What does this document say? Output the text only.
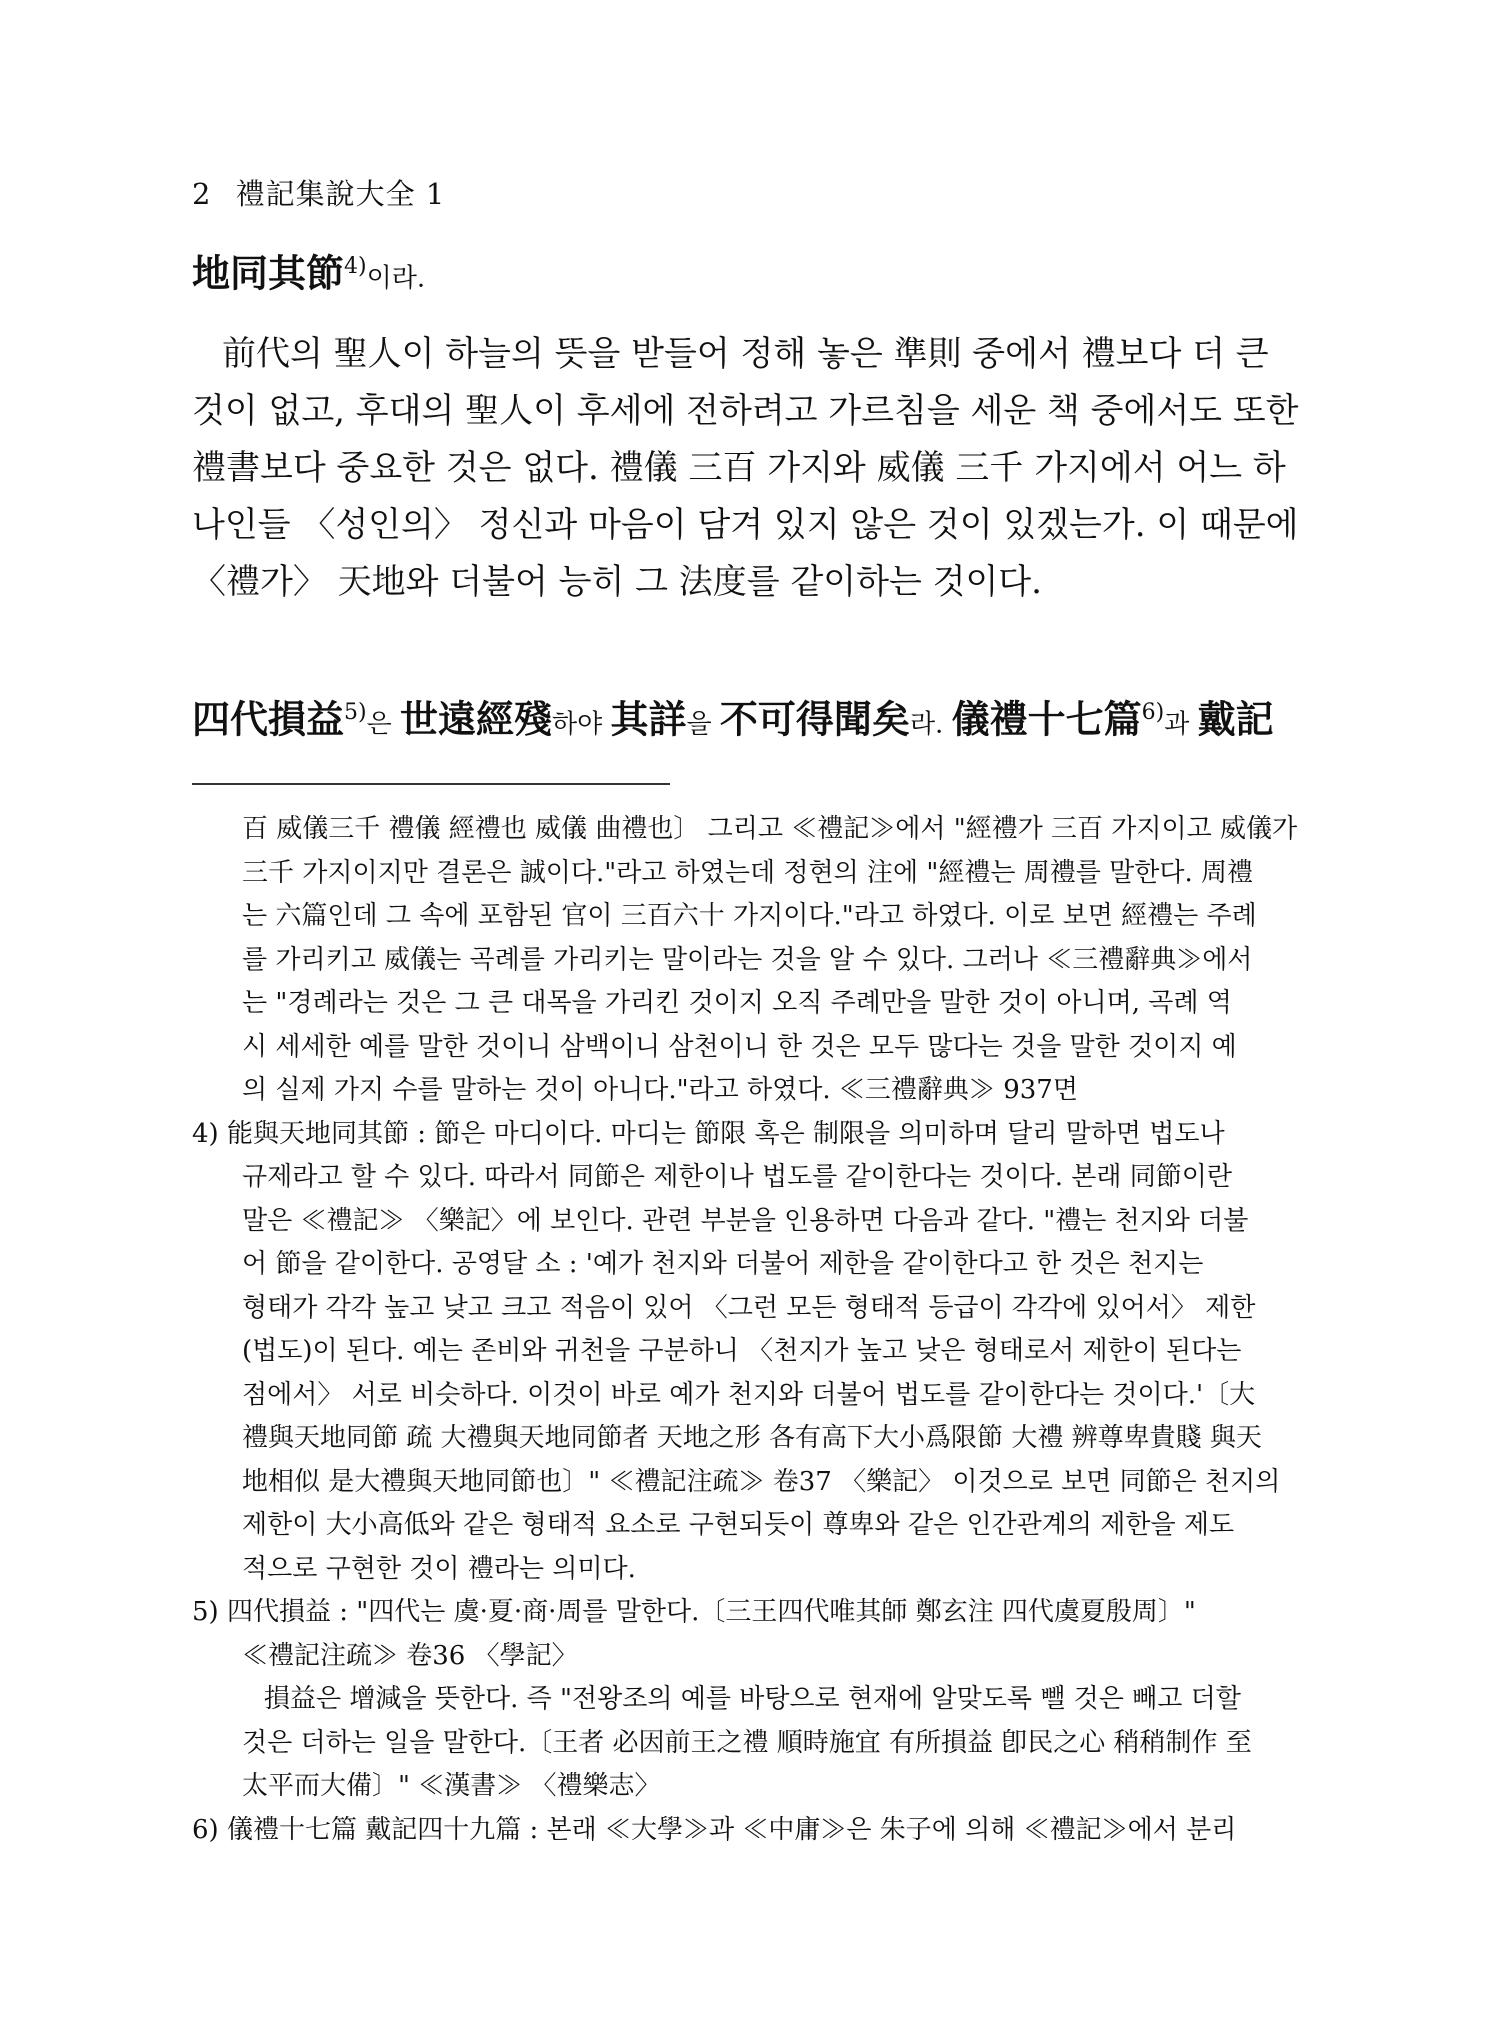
2 禮記集說大全 1
地同其節$^{4)}$이라.
前代의 聖人이 하늘의 뜻을 받들어 정해 놓은 準則 중에서 禮보다 더 큰
것이 없고, 후대의 聖人이 후세에 전하려고 가르침을 세운 책 중에서도 또한
禮書보다 중요한 것은 없다. 禮儀 三百 가지와 威儀 三千 가지에서 어느 하
나인들 〈성인의〉 정신과 마음이 담겨 있지 않은 것이 있겠는가. 이 때문에
〈禮가〉 天地와 더불어 능히 그 法度를 같이하는 것이다.
四代損益$^{5)}$은 世遠經殘하야 其詳을 不可得聞矣라. 儀禮十七篇$^{6)}$과 戴記
百 威儀三千 禮儀 經禮也 威儀 曲禮也〕 그리고 ≪禮記≫에서 "經禮가 三百 가지이고 威儀가
三千 가지이지만 결론은 誠이다."라고 하였는데 정현의 注에 "經禮는 周禮를 말한다. 周禮
는 六篇인데 그 속에 포함된 官이 三百六十 가지이다."라고 하였다. 이로 보면 經禮는 주례
를 가리키고 威儀는 곡례를 가리키는 말이라는 것을 알 수 있다. 그러나 ≪三禮辭典≫에서
는 "경례라는 것은 그 큰 대목을 가리킨 것이지 오직 주례만을 말한 것이 아니며, 곡례 역
시 세세한 예를 말한 것이니 삼백이니 삼천이니 한 것은 모두 많다는 것을 말한 것이지 예
의 실제 가지 수를 말하는 것이 아니다."라고 하였다. ≪三禮辭典≫ 937면
4) 能與天地同其節 : 節은 마디이다. 마디는 節限 혹은 制限을 의미하며 달리 말하면 법도나
규제라고 할 수 있다. 따라서 同節은 제한이나 법도를 같이한다는 것이다. 본래 同節이란
말은 ≪禮記≫ 〈樂記〉에 보인다. 관련 부분을 인용하면 다음과 같다. "禮는 천지와 더불
어 節을 같이한다. 공영달 소 : '예가 천지와 더불어 제한을 같이한다고 한 것은 천지는
형태가 각각 높고 낮고 크고 적음이 있어 〈그런 모든 형태적 등급이 각각에 있어서〉 제한
(법도)이 된다. 예는 존비와 귀천을 구분하니 〈천지가 높고 낮은 형태로서 제한이 된다는
점에서〉 서로 비슷하다. 이것이 바로 예가 천지와 더불어 법도를 같이한다는 것이다.'〔大
禮與天地同節 疏 大禮與天地同節者 天地之形 各有高下大小爲限節 大禮 辨尊卑貴賤 與天
地相似 是大禮與天地同節也〕" ≪禮記注疏≫ 卷37 〈樂記〉 이것으로 보면 同節은 천지의
제한이 大小高低와 같은 형태적 요소로 구현되듯이 尊卑와 같은 인간관계의 제한을 제도
적으로 구현한 것이 禮라는 의미다.
5) 四代損益 : "四代는 虞·夏·商·周를 말한다.〔三王四代唯其師 鄭玄注 四代虞夏殷周〕"
≪禮記注疏≫ 卷36 〈學記〉
損益은 增減을 뜻한다. 즉 "전왕조의 예를 바탕으로 현재에 알맞도록 뺄 것은 빼고 더할
것은 더하는 일을 말한다.〔王者 必因前王之禮 順時施宜 有所損益 卽民之心 稍稍制作 至
太平而大備〕" ≪漢書≫ 〈禮樂志〉
6) 儀禮十七篇 戴記四十九篇 : 본래 ≪大學≫과 ≪中庸≫은 朱子에 의해 ≪禮記≫에서 분리
